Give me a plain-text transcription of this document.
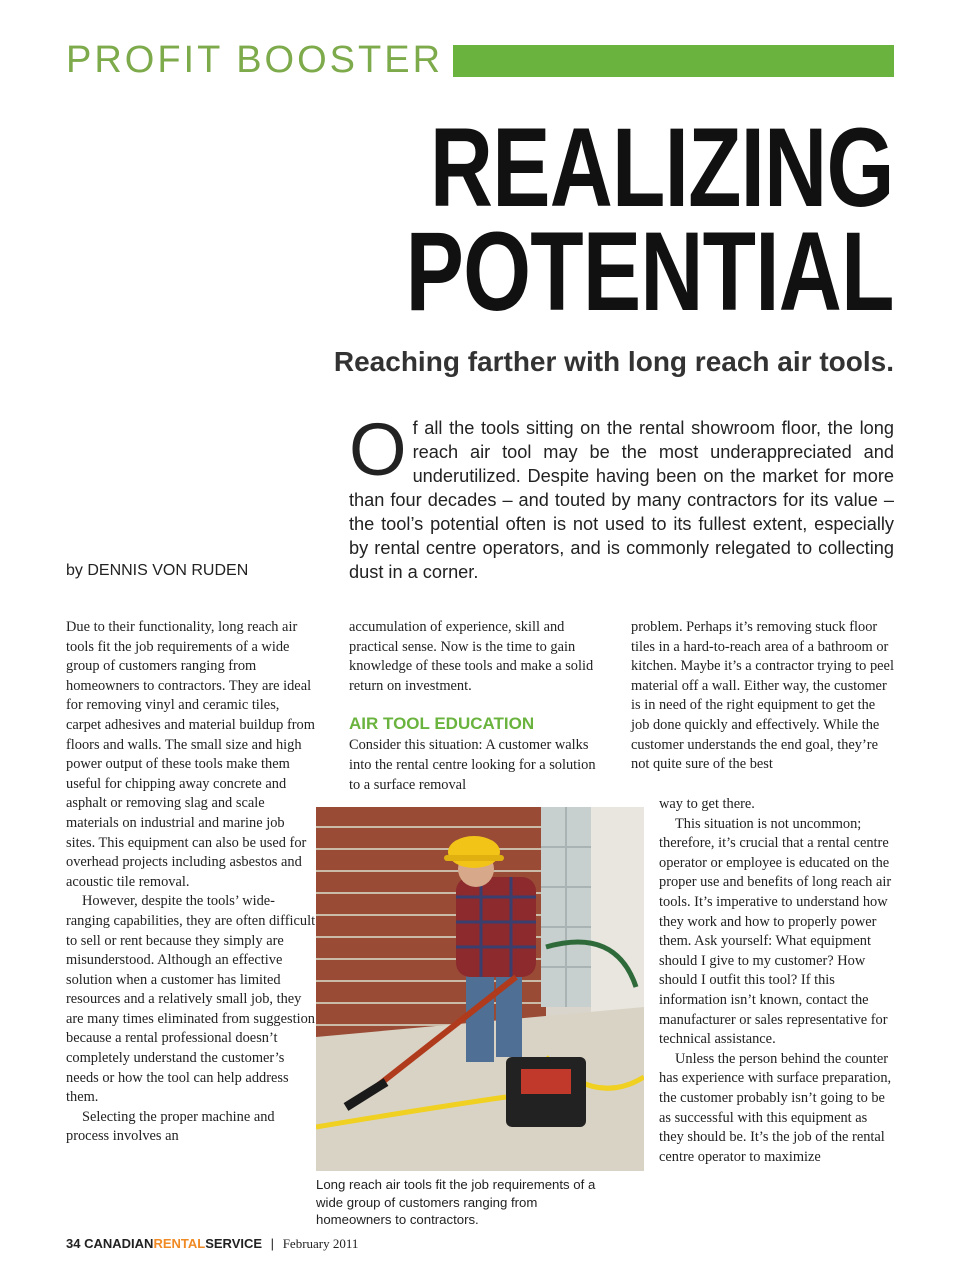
PROFIT BOOSTER
REALIZING
POTENTIAL
Reaching farther with long reach air tools.
Of all the tools sitting on the rental showroom floor, the long reach air tool may be the most underappreciated and underutilized. Despite having been on the market for more than four decades – and touted by many contractors for its value – the tool’s potential often is not used to its fullest extent, especially by rental centre operators, and is commonly relegated to collecting dust in a corner.
by DENNIS VON RUDEN

Due to their functionality, long reach air tools fit the job requirements of a wide group of customers ranging from homeowners to contractors. They are ideal for removing vinyl and ceramic tiles, carpet adhesives and material buildup from floors and walls. The small size and high power output of these tools make them useful for chipping away concrete and asphalt or removing slag and scale materials on industrial and marine job sites. This equipment can also be used for overhead projects including asbestos and acoustic tile removal.

However, despite the tools’ wide-ranging capabilities, they are often difficult to sell or rent because they simply are misunderstood. Although an effective solution when a customer has limited resources and a relatively small job, they are many times eliminated from suggestion because a rental professional doesn’t completely understand the customer’s needs or how the tool can help address them.

Selecting the proper machine and process involves an

accumulation of experience, skill and practical sense. Now is the time to gain knowledge of these tools and make a solid return on investment.

AIR TOOL EDUCATION

Consider this situation: A customer walks into the rental centre looking for a solution to a surface removal

problem. Perhaps it’s removing stuck floor tiles in a hard-to-reach area of a bathroom or kitchen. Maybe it’s a contractor trying to peel material off a wall. Either way, the customer is in need of the right equipment to get the job done quickly and effectively. While the customer understands the end goal, they’re not quite sure of the best

way to get there.

This situation is not uncommon; therefore, it’s crucial that a rental centre operator or employee is educated on the proper use and benefits of long reach air tools. It’s imperative to understand how they work and how to properly power them. Ask yourself: What equipment should I give to my customer? How should I outfit this tool? If this information isn’t known, contact the manufacturer or sales representative for technical assistance.

Unless the person behind the counter has experience with surface preparation, the customer probably isn’t going to be as successful with this equipment as they should be. It’s the job of the rental centre operator to maximize

Long reach air tools fit the job requirements of a wide group of customers ranging from homeowners to contractors.
34 CANADIANRENTALSERVICE | February 2011
